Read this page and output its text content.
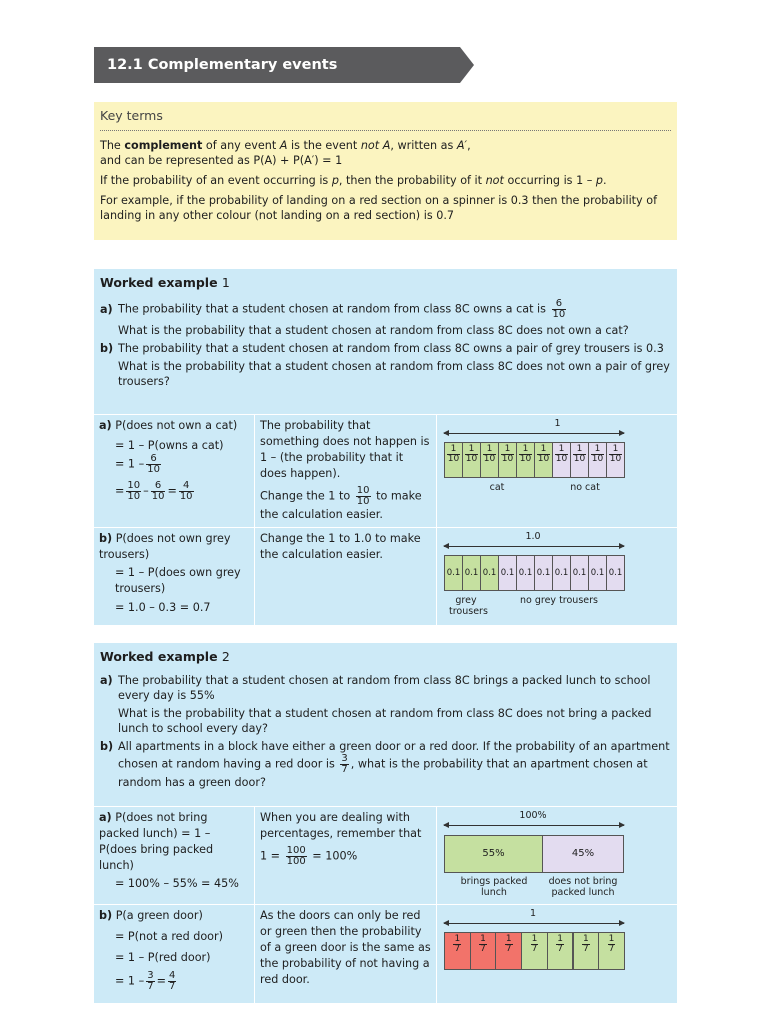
12.1 Complementary events
Key terms

The complement of any event A is the event not A, written as A′,
and can be represented as P(A) + P(A′) = 1

If the probability of an event occurring is p, then the probability of it not occurring is 1 – p.

For example, if the probability of landing on a red section on a spinner is 0.3 then the probability of landing in any other colour (not landing on a red section) is 0.7

Worked example 1

a) The probability that a student chosen at random from class 8C owns a cat is $\frac{6}{10}$

What is the probability that a student chosen at random from class 8C does not own a cat?

b) The probability that a student chosen at random from class 8C owns a pair of grey trousers is 0.3

What is the probability that a student chosen at random from class 8C does not own a pair of grey trousers?

a) P(does not own a cat)
= 1 – P(owns a cat)
= $1 - \frac{6}{10}$
= $\frac{10}{10} - \frac{6}{10} = \frac{4}{10}$
The probability that something does not happen is 1 – (the probability that it does happen).
Change the 1 to $\frac{10}{10}$ to make the calculation easier.
1
cat	no cat
$\frac{1}{10} \frac{1}{10} \frac{1}{10} \frac{1}{10} \frac{1}{10} \frac{1}{10} \frac{1}{10} \frac{1}{10} \frac{1}{10} \frac{1}{10}$
b) P(does not own grey trousers)
= 1 – P(does own grey trousers)
= 1.0 – 0.3 = 0.7
Change the 1 to 1.0 to make the calculation easier.
1.0
grey trousers
no grey trousers
0.1 0.1 0.1 0.1 0.1 0.1 0.1 0.1 0.1 0.1
Worked example 2

a) The probability that a student chosen at random from class 8C brings a packed lunch to school every day is 55%

What is the probability that a student chosen at random from class 8C does not bring a packed lunch to school every day?

b) All apartments in a block have either a green door or a red door. If the probability of an apartment chosen at random having a red door is $\frac{3}{7}$ , what is the probability that an apartment chosen at random has a green door?

a) P(does not bring packed lunch) = 1 – P(does bring packed lunch)
= 100% – 55% = 45%
When you are dealing with percentages, remember that
$1 = \frac{100}{100} = 100\%$
100%
55%	45%
brings packed lunch
does not bring packed lunch
b) P(a green door)
= P(not a red door)
= 1 – P(red door)
= $1 - \frac{3}{7} = \frac{4}{7}$
As the doors can only be red or green then the probability of a green door is the same as the probability of not having a red door.
1
$\frac{1}{7} \frac{1}{7} \frac{1}{7} \frac{1}{7} \frac{1}{7} \frac{1}{7} \frac{1}{7}$
